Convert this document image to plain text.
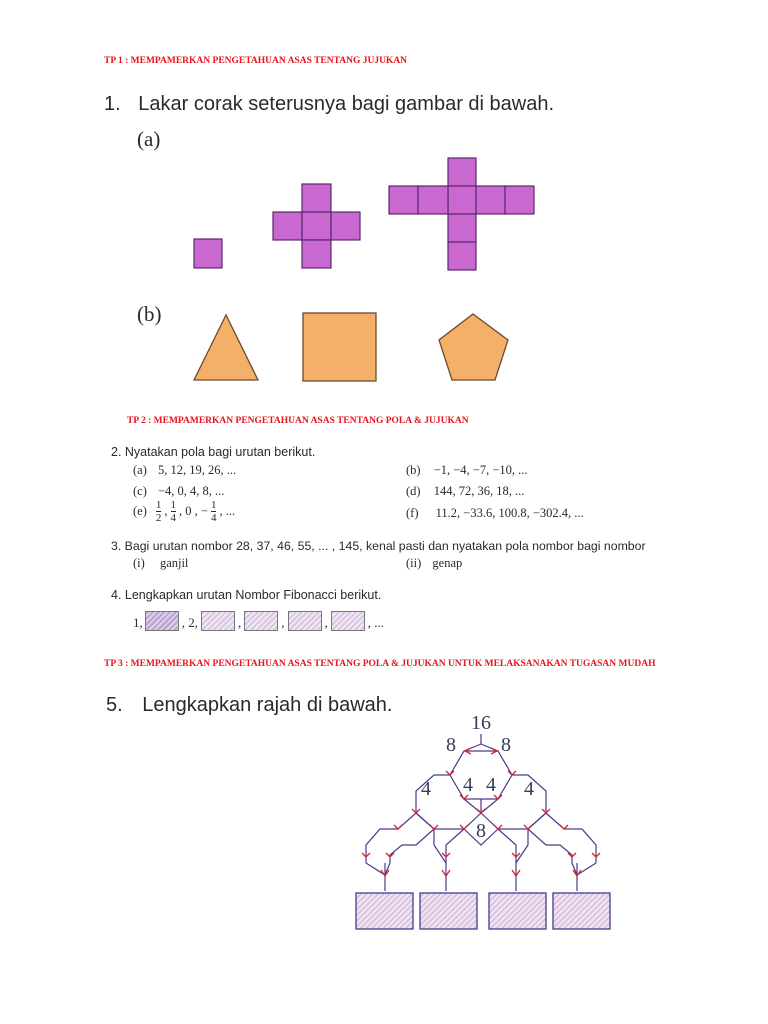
TP 1 : MEMPAMERKAN PENGETAHUAN ASAS TENTANG JUJUKAN
1. Lakar corak seterusnya bagi gambar di bawah.
(a)
(b)
TP 2 : MEMPAMERKAN PENGETAHUAN ASAS TENTANG POLA & JUJUKAN
2. Nyatakan pola bagi urutan berikut.
(a) 5, 12, 19, 26, ...	(b) −1, −4, −7, −10, ...
(c) −4, 0, 4, 8, ...	(d) 144, 72, 36, 18, ...
$(e) \frac{1}{2}$ , $\frac{1}{4}$ , 0 , − $\frac{1}{4}$ , ...	(f) 11.2, −33.6, 100.8, −302.4, ...
3. Bagi urutan nombor 28, 37, 46, 55, ... , 145, kenal pasti dan nyatakan pola nombor bagi nombor
(i) ganjil	(ii) genap
4. Lengkapkan urutan Nombor Fibonacci berikut.
1,	, 2,	,	,	,	, ...
TP 3 : MEMPAMERKAN PENGETAHUAN ASAS TENTANG POLA & JUJUKAN UNTUK MELAKSANAKAN TUGASAN MUDAH
5. Lengkapkan rajah di bawah.
16
8 8
4 4 4 4
8
